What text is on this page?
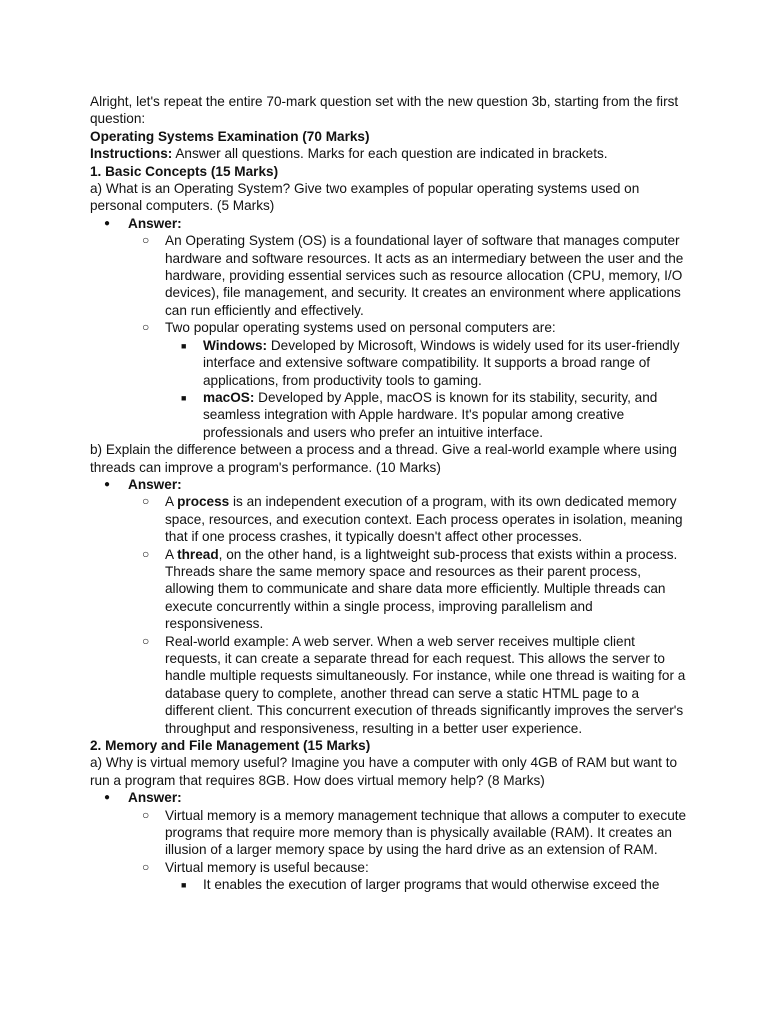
Alright, let's repeat the entire 70-mark question set with the new question 3b, starting from the first question:

Operating Systems Examination (70 Marks)

Instructions: Answer all questions. Marks for each question are indicated in brackets.

1. Basic Concepts (15 Marks)

a) What is an Operating System? Give two examples of popular operating systems used on personal computers. (5 Marks)

● Answer:
○ An Operating System (OS) is a foundational layer of software that manages computer hardware and software resources. It acts as an intermediary between the user and the hardware, providing essential services such as resource allocation (CPU, memory, I/O devices), file management, and security. It creates an environment where applications can run efficiently and effectively.
○ Two popular operating systems used on personal computers are:
■ Windows: Developed by Microsoft, Windows is widely used for its user-friendly interface and extensive software compatibility. It supports a broad range of applications, from productivity tools to gaming.
■ macOS: Developed by Apple, macOS is known for its stability, security, and seamless integration with Apple hardware. It's popular among creative professionals and users who prefer an intuitive interface.

b) Explain the difference between a process and a thread. Give a real-world example where using threads can improve a program's performance. (10 Marks)

● Answer:
○ A process is an independent execution of a program, with its own dedicated memory space, resources, and execution context. Each process operates in isolation, meaning that if one process crashes, it typically doesn't affect other processes.
○ A thread, on the other hand, is a lightweight sub-process that exists within a process. Threads share the same memory space and resources as their parent process, allowing them to communicate and share data more efficiently. Multiple threads can execute concurrently within a single process, improving parallelism and responsiveness.
○ Real-world example: A web server. When a web server receives multiple client requests, it can create a separate thread for each request. This allows the server to handle multiple requests simultaneously. For instance, while one thread is waiting for a database query to complete, another thread can serve a static HTML page to a different client. This concurrent execution of threads significantly improves the server's throughput and responsiveness, resulting in a better user experience.

2. Memory and File Management (15 Marks)

a) Why is virtual memory useful? Imagine you have a computer with only 4GB of RAM but want to run a program that requires 8GB. How does virtual memory help? (8 Marks)

● Answer:
○ Virtual memory is a memory management technique that allows a computer to execute programs that require more memory than is physically available (RAM). It creates an illusion of a larger memory space by using the hard drive as an extension of RAM.
○ Virtual memory is useful because:
■ It enables the execution of larger programs that would otherwise exceed the
